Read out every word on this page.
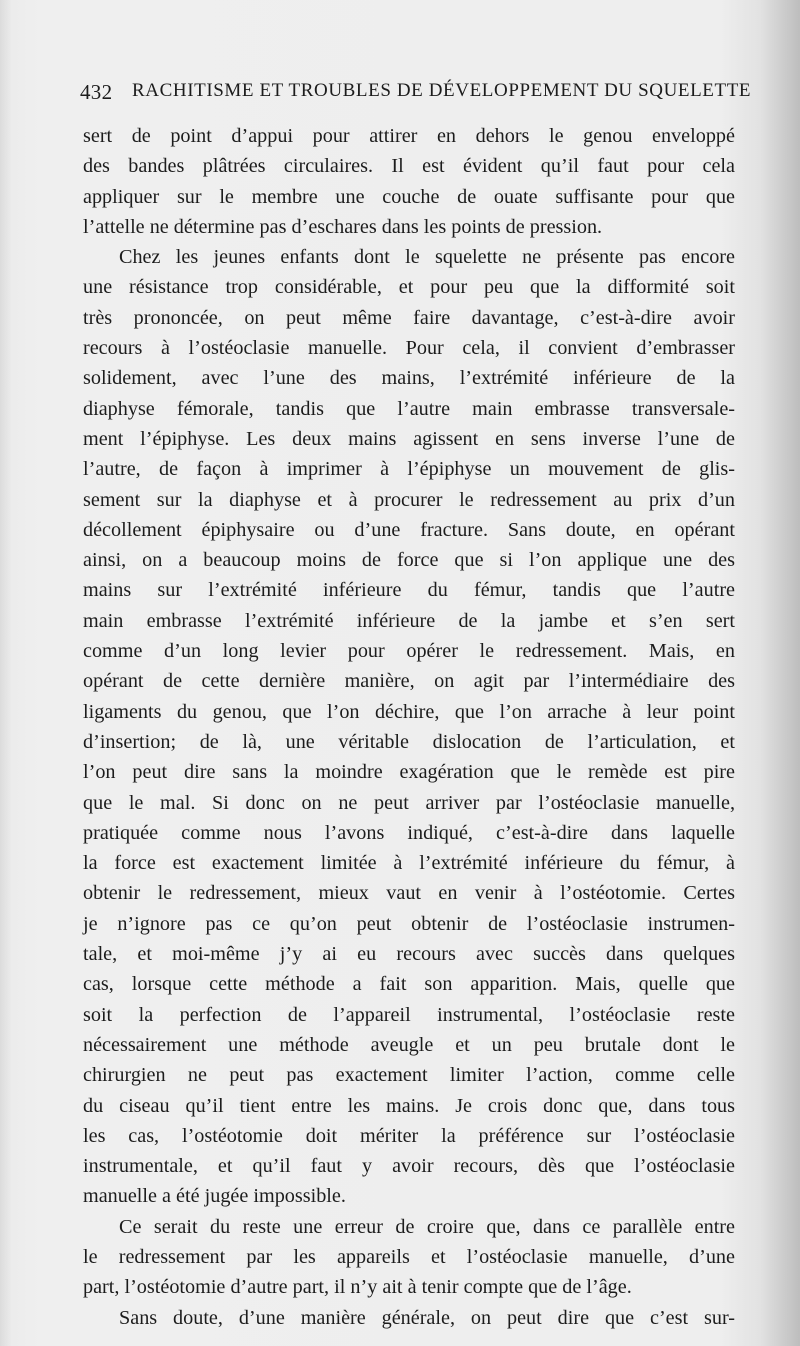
432 RACHITISME ET TROUBLES DE DÉVELOPPEMENT DU SQUELETTE
sert de point d’appui pour attirer en dehors le genou enveloppé
des bandes plâtrées circulaires. Il est évident qu’il faut pour cela
appliquer sur le membre une couche de ouate suffisante pour que
l’attelle ne détermine pas d’eschares dans les points de pression.
Chez les jeunes enfants dont le squelette ne présente pas encore
une résistance trop considérable, et pour peu que la difformité soit
très prononcée, on peut même faire davantage, c’est-à-dire avoir
recours à l’ostéoclasie manuelle. Pour cela, il convient d’embrasser
solidement, avec l’une des mains, l’extrémité inférieure de la
diaphyse fémorale, tandis que l’autre main embrasse transversale-
ment l’épiphyse. Les deux mains agissent en sens inverse l’une de
l’autre, de façon à imprimer à l’épiphyse un mouvement de glis-
sement sur la diaphyse et à procurer le redressement au prix d’un
décollement épiphysaire ou d’une fracture. Sans doute, en opérant
ainsi, on a beaucoup moins de force que si l’on applique une des
mains sur l’extrémité inférieure du fémur, tandis que l’autre
main embrasse l’extrémité inférieure de la jambe et s’en sert
comme d’un long levier pour opérer le redressement. Mais, en
opérant de cette dernière manière, on agit par l’intermédiaire des
ligaments du genou, que l’on déchire, que l’on arrache à leur point
d’insertion; de là, une véritable dislocation de l’articulation, et
l’on peut dire sans la moindre exagération que le remède est pire
que le mal. Si donc on ne peut arriver par l’ostéoclasie manuelle,
pratiquée comme nous l’avons indiqué, c’est-à-dire dans laquelle
la force est exactement limitée à l’extrémité inférieure du fémur, à
obtenir le redressement, mieux vaut en venir à l’ostéotomie. Certes
je n’ignore pas ce qu’on peut obtenir de l’ostéoclasie instrumen-
tale, et moi-même j’y ai eu recours avec succès dans quelques
cas, lorsque cette méthode a fait son apparition. Mais, quelle que
soit la perfection de l’appareil instrumental, l’ostéoclasie reste
nécessairement une méthode aveugle et un peu brutale dont le
chirurgien ne peut pas exactement limiter l’action, comme celle
du ciseau qu’il tient entre les mains. Je crois donc que, dans tous
les cas, l’ostéotomie doit mériter la préférence sur l’ostéoclasie
instrumentale, et qu’il faut y avoir recours, dès que l’ostéoclasie
manuelle a été jugée impossible.
Ce serait du reste une erreur de croire que, dans ce parallèle entre
le redressement par les appareils et l’ostéoclasie manuelle, d’une
part, l’ostéotomie d’autre part, il n’y ait à tenir compte que de l’âge.
Sans doute, d’une manière générale, on peut dire que c’est sur-
